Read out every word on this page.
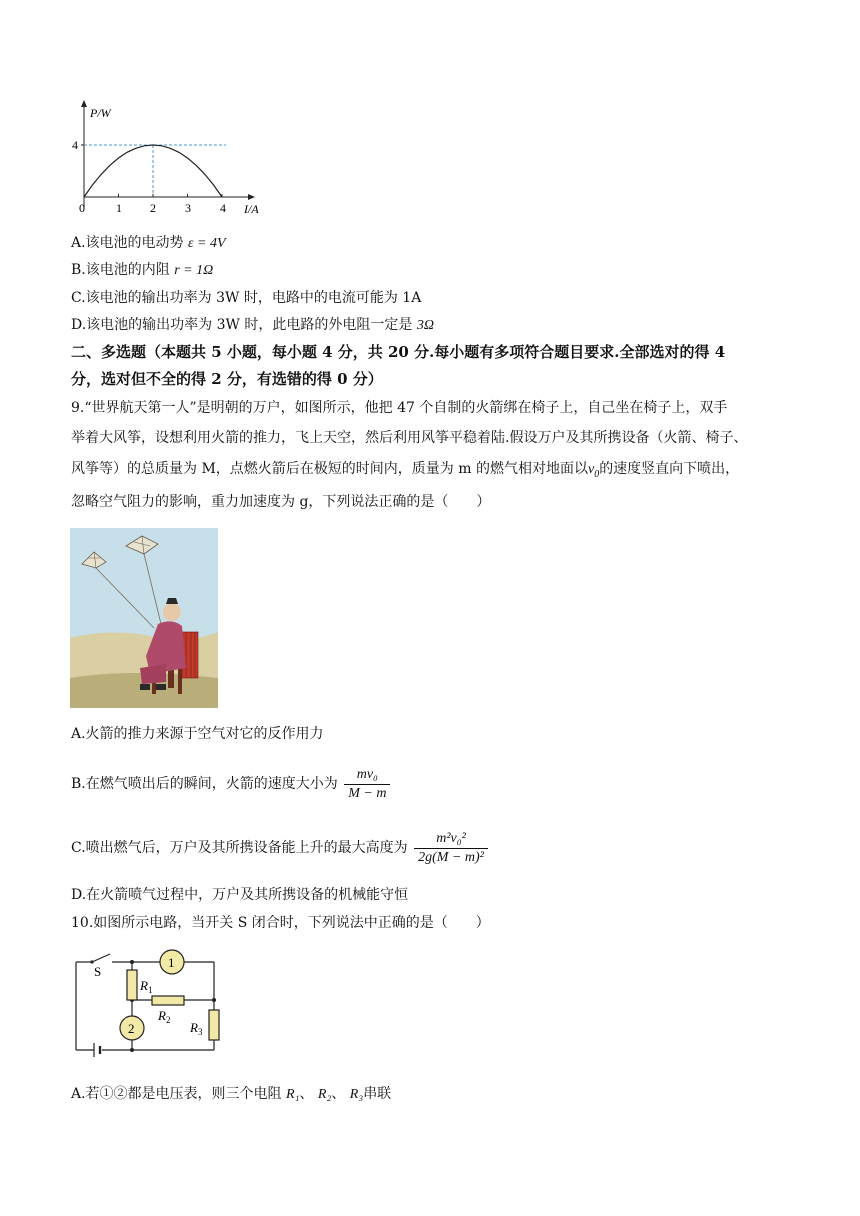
P/W
I/A
4
0	1 2 3 4
A.该电池的电动势 ε = 4V
B.该电池的内阻 r = 1Ω
C.该电池的输出功率为 3W 时，电路中的电流可能为 1A
D.该电池的输出功率为 3W 时，此电路的外电阻一定是 3Ω
二、多选题（本题共 5 小题，每小题 4 分，共 20 分.每小题有多项符合题目要求.全部选对的得 4
分，选对但不全的得 2 分，有选错的得 0 分）
9.“世界航天第一人”是明朝的万户，如图所示，他把 47 个自制的火箭绑在椅子上，自己坐在椅子上，双手
举着大风筝，设想利用火箭的推力，飞上天空，然后利用风筝平稳着陆.假设万户及其所携设备（火箭、椅子、
风筝等）的总质量为 M，点燃火箭后在极短的时间内，质量为 m 的燃气相对地面以$v_0$的速度竖直向下喷出，
忽略空气阻力的影响，重力加速度为 g，下列说法正确的是（　　）
A.火箭的推力来源于空气对它的反作用力
B.在燃气喷出后的瞬间，火箭的速度大小为 $\frac{\text{mv₀}}{M - m}$
C.喷出燃气后，万户及其所携设备能上升的最大高度为 $\frac{\text{m²v₀²}}{\text{2g(M − m)²}}$
D.在火箭喷气过程中，万户及其所携设备的机械能守恒
10.如图所示电路，当开关 S 闭合时，下列说法中正确的是（　　）
S
1
$R_1$
$R_2$ $R_3$
2
A.若①②都是电压表，则三个电阻 R₁、 R₂、 R₃串联
